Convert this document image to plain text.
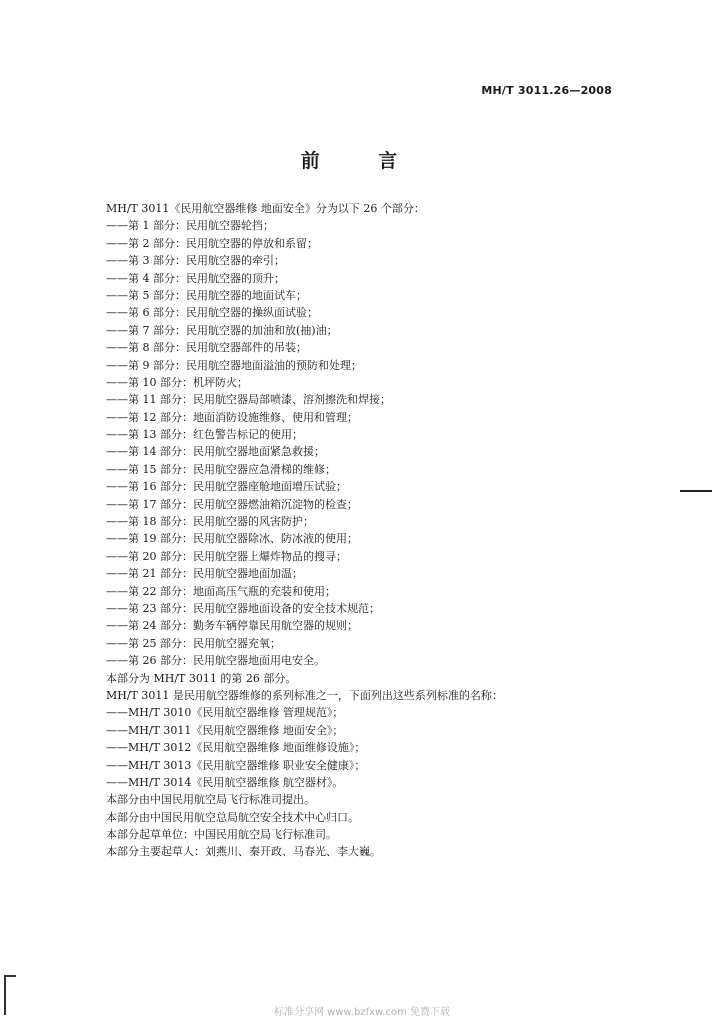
MH/T 3011.26—2008
前 言
MH/T 3011《民用航空器维修 地面安全》分为以下 26 个部分：
——第 1 部分：民用航空器轮挡；
——第 2 部分：民用航空器的停放和系留；
——第 3 部分：民用航空器的牵引；
——第 4 部分：民用航空器的顶升；
——第 5 部分：民用航空器的地面试车；
——第 6 部分：民用航空器的操纵面试验；
——第 7 部分：民用航空器的加油和放(抽)油；
——第 8 部分：民用航空器部件的吊装；
——第 9 部分：民用航空器地面溢油的预防和处理；
——第 10 部分：机坪防火；
——第 11 部分：民用航空器局部喷漆、溶剂擦洗和焊接；
——第 12 部分：地面消防设施维修、使用和管理；
——第 13 部分：红色警告标记的使用；
——第 14 部分：民用航空器地面紧急救援；
——第 15 部分：民用航空器应急滑梯的维修；
——第 16 部分：民用航空器座舱地面增压试验；
——第 17 部分：民用航空器燃油箱沉淀物的检查；
——第 18 部分：民用航空器的风害防护；
——第 19 部分：民用航空器除冰、防冰液的使用；
——第 20 部分：民用航空器上爆炸物品的搜寻；
——第 21 部分：民用航空器地面加温；
——第 22 部分：地面高压气瓶的充装和使用；
——第 23 部分：民用航空器地面设备的安全技术规范；
——第 24 部分：勤务车辆停靠民用航空器的规则；
——第 25 部分：民用航空器充氧；
——第 26 部分：民用航空器地面用电安全。
本部分为 MH/T 3011 的第 26 部分。
MH/T 3011 是民用航空器维修的系列标准之一，下面列出这些系列标准的名称：
——MH/T 3010《民用航空器维修 管理规范》；
——MH/T 3011《民用航空器维修 地面安全》；
——MH/T 3012《民用航空器维修 地面维修设施》；
——MH/T 3013《民用航空器维修 职业安全健康》；
——MH/T 3014《民用航空器维修 航空器材》。
本部分由中国民用航空局飞行标准司提出。
本部分由中国民用航空总局航空安全技术中心归口。
本部分起草单位：中国民用航空局飞行标准司。
本部分主要起草人：刘燕川、秦开政、马春光、李大巍。
标准分享网 www.bzfxw.com 免费下载
